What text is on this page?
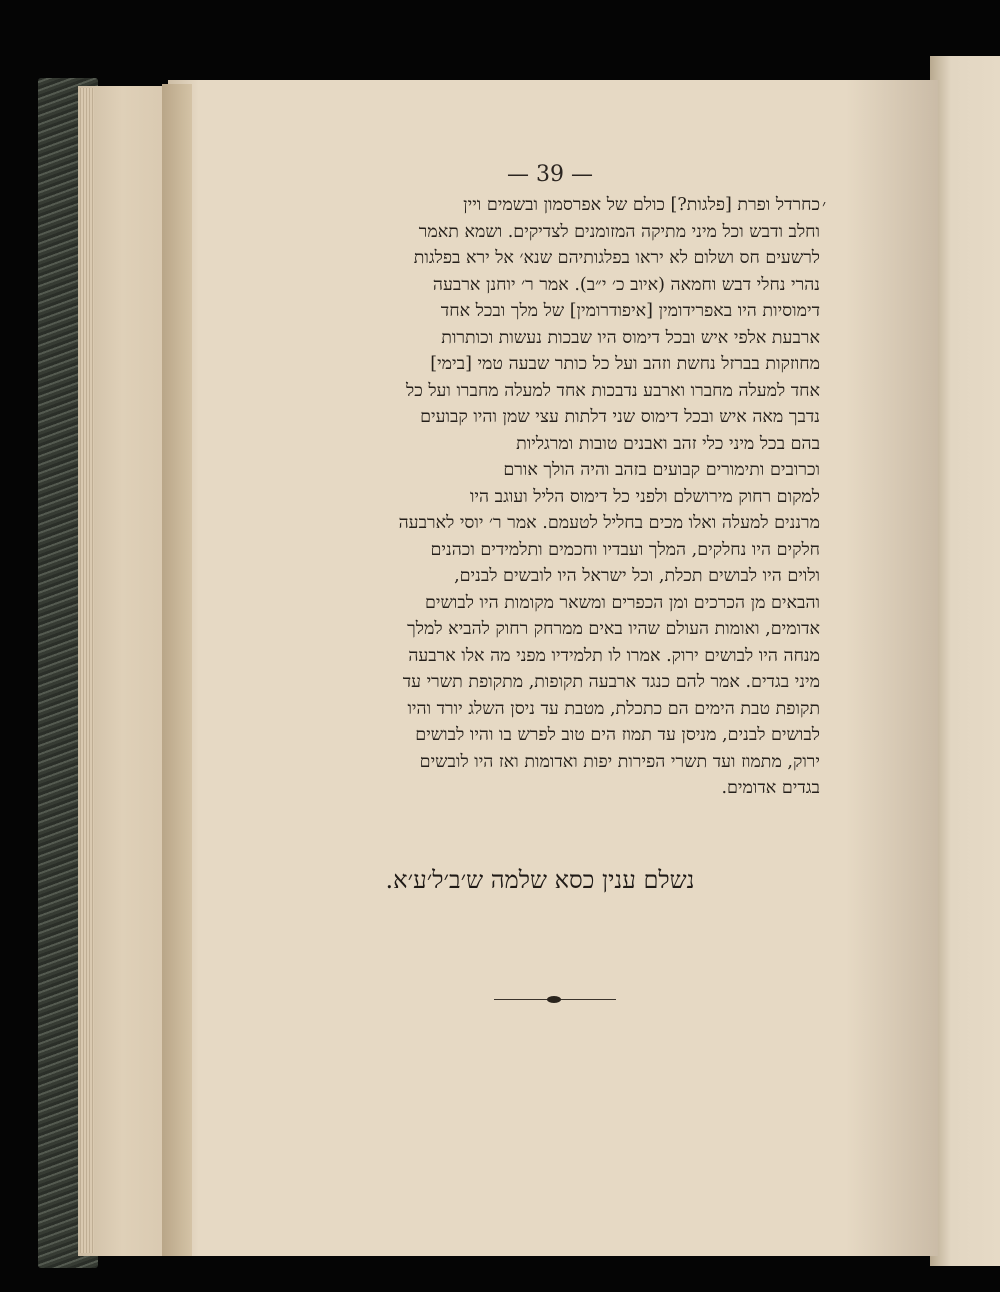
— 39 —
׳
כחרדל ופרת [פלגות?] כולם של אפרסמון ובשמים ויין
וחלב ודבש וכל מיני מתיקה המזומנים לצדיקים. ושמא תאמר
לרשעים חס ושלום לא יראו בפלגותיהם שנא׳ אל ירא בפלגות
נהרי נחלי דבש וחמאה (איוב כ׳ י״ב). אמר ר׳ יוחנן ארבעה
דימוסיות היו באפרידומין [איפודרומין] של מלך ובכל אחד
ארבעת אלפי איש ובכל דימוס היו שבכות נעשות וכותרות
מחוזקות בברזל נחשת וזהב ועל כל כותר שבעה טמי [בימי]
אחד למעלה מחברו וארבע נדבכות אחד למעלה מחברו ועל כל
נדבך מאה איש ובכל דימוס שני דלתות עצי שמן והיו קבועים
בהם בכל מיני כלי זהב ואבנים טובות ומרגליות
וכרובים ותימורים קבועים בזהב והיה הולך אורם
למקום רחוק מירושלם ולפני כל דימוס הליל ועוגב היו
מרננים למעלה ואלו מכים בחליל לטעמם. אמר ר׳ יוסי לארבעה
חלקים היו נחלקים, המלך ועבדיו וחכמים ותלמידים וכהנים
ולוים היו לבושים תכלת, וכל ישראל היו לובשים לבנים,
והבאים מן הכרכים ומן הכפרים ומשאר מקומות היו לבושים
אדומים, ואומות העולם שהיו באים ממרחק רחוק להביא למלך
מנחה היו לבושים ירוק. אמרו לו תלמידיו מפני מה אלו ארבעה
מיני בגדים. אמר להם כנגד ארבעה תקופות, מתקופת תשרי עד
תקופת טבת הימים הם כתכלת, מטבת עד ניסן השלג יורד והיו
לבושים לבנים, מניסן עד תמוז הים טוב לפרש בו והיו לבושים
ירוק, מתמוז ועד תשרי הפירות יפות ואדומות ואז היו לובשים
בגדים אדומים.
נשלם ענין כסא שלמה ש׳ב׳ל׳ע׳א.
